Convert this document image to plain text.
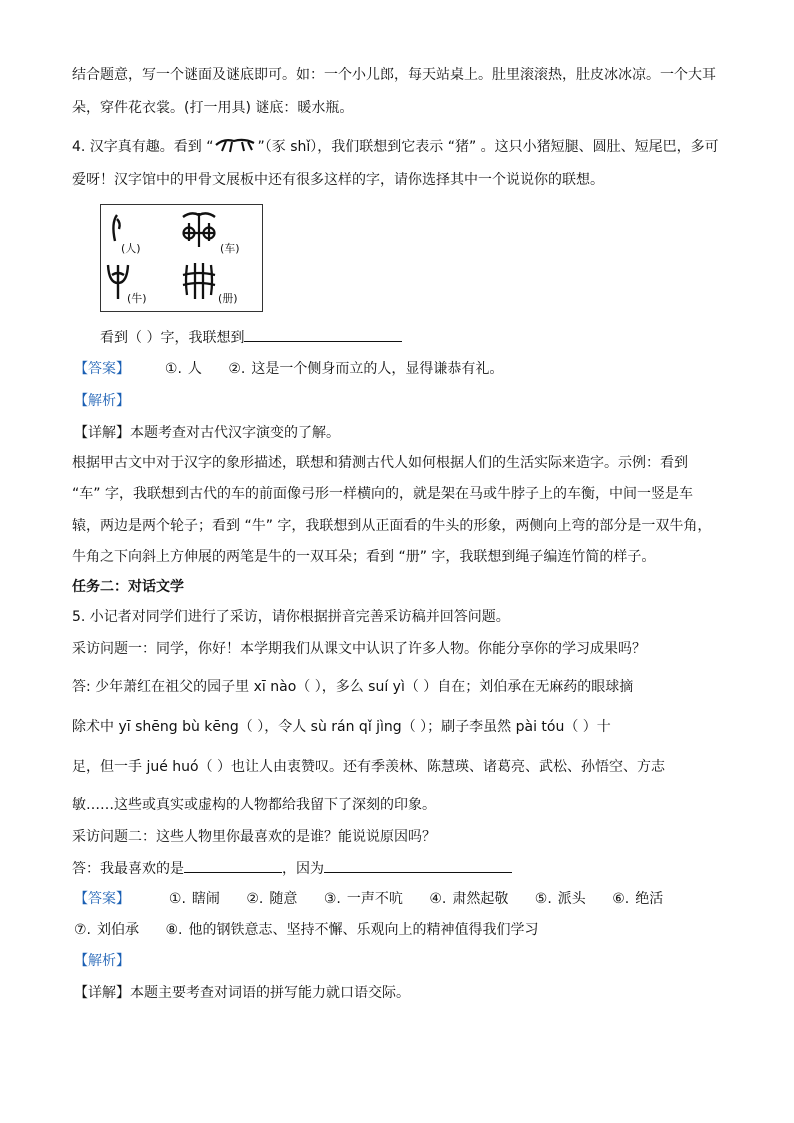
结合题意，写一个谜面及谜底即可。如：一个小儿郎，每天站桌上。肚里滚滚热，肚皮冰冰凉。一个大耳
朵，穿件花衣裳。(打一用具) 谜底：暖水瓶。
4. 汉字真有趣。看到 “	”（豕 shǐ），我们联想到它表示 “猪” 。这只小猪短腿、圆肚、短尾巴，多可
爱呀！汉字馆中的甲骨文展板中还有很多这样的字，请你选择其中一个说说你的联想。
(人)	(车)
(牛)	(册)
看到（ ）字，我联想到
【答案】 ①. 人 ②. 这是一个侧身而立的人，显得谦恭有礼。
【解析】
【详解】本题考查对古代汉字演变的了解。
根据甲古文中对于汉字的象形描述，联想和猜测古代人如何根据人们的生活实际来造字。示例：看到
“车” 字，我联想到古代的车的前面像弓形一样横向的，就是架在马或牛脖子上的车衡，中间一竖是车
辕，两边是两个轮子；看到 “牛” 字，我联想到从正面看的牛头的形象，两侧向上弯的部分是一双牛角，
牛角之下向斜上方伸展的两笔是牛的一双耳朵；看到 “册” 字，我联想到绳子编连竹简的样子。
任务二：对话文学
5. 小记者对同学们进行了采访，请你根据拼音完善采访稿并回答问题。
采访问题一：同学，你好！本学期我们从课文中认识了许多人物。你能分享你的学习成果吗？
答: 少年萧红在祖父的园子里 xī nào（ ），多么 suí yì（ ）自在；刘伯承在无麻药的眼球摘
除术中 yī shēng bù kēng（ ），令人 sù rán qǐ jìng（ ）；刷子李虽然 pài tóu（ ）十
足，但一手 jué huó（ ）也让人由衷赞叹。还有季羡林、陈慧瑛、诸葛亮、武松、孙悟空、方志
敏……这些或真实或虚构的人物都给我留下了深刻的印象。
采访问题二：这些人物里你最喜欢的是谁？能说说原因吗？
答：我最喜欢的是	，因为
【答案】	①. 瞎闹 ②. 随意 ③. 一声不吭 ④. 肃然起敬 ⑤. 派头 ⑥. 绝活
⑦. 刘伯承 ⑧. 他的钢铁意志、坚持不懈、乐观向上的精神值得我们学习
【解析】
【详解】本题主要考查对词语的拼写能力就口语交际。
